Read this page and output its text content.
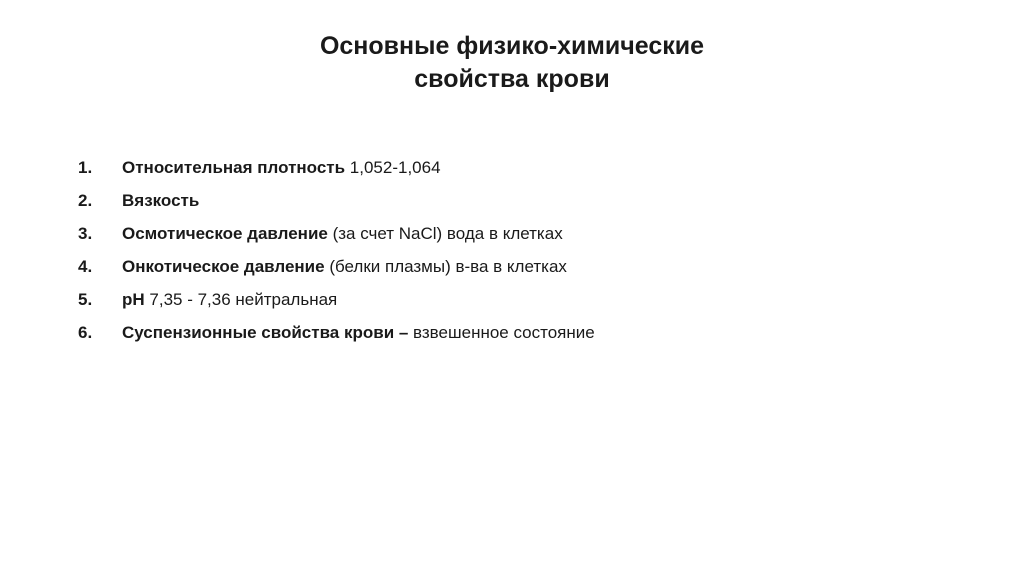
Основные физико-химические
свойства крови
1. Относительная плотность 1,052-1,064
2. Вязкость
3. Осмотическое давление (за счет NaCl) вода в клетках
4. Онкотическое давление (белки плазмы) в-ва в клетках
5. pH 7,35 - 7,36 нейтральная
6. Суспензионные свойства крови – взвешенное состояние
